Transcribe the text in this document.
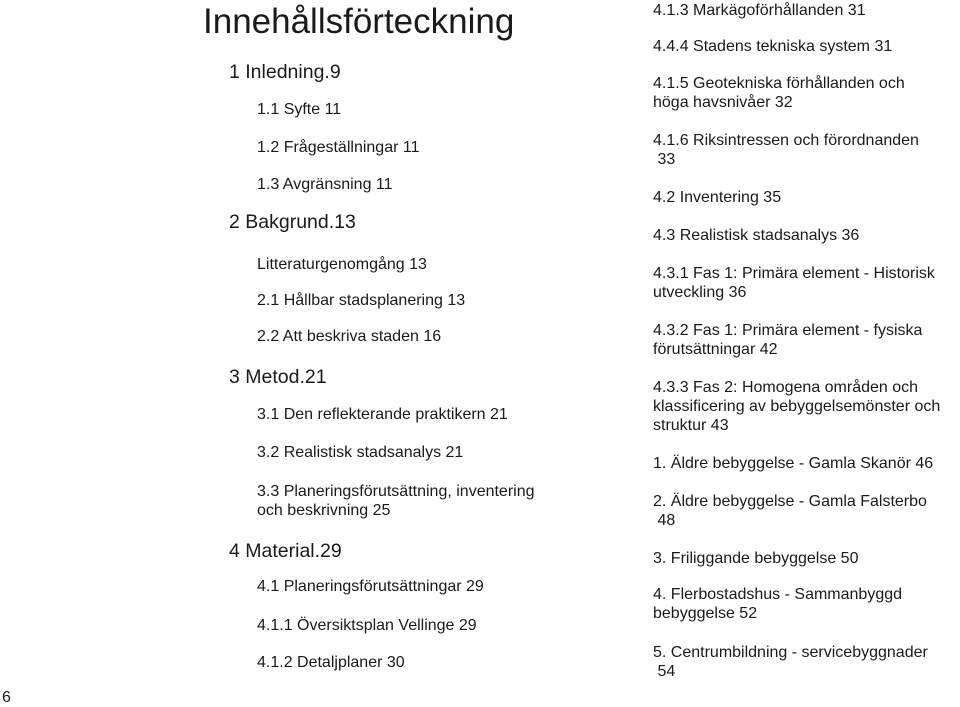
Innehållsförteckning
1 Inledning.9
1.1 Syfte 11
1.2 Frågeställningar 11
1.3 Avgränsning 11
2 Bakgrund.13
Litteraturgenomgång 13
2.1 Hållbar stadsplanering 13
2.2 Att beskriva staden 16
3 Metod.21
3.1 Den reflekterande praktikern 21
3.2 Realistisk stadsanalys 21
3.3 Planeringsförutsättning, inventering
och beskrivning 25
4 Material.29
4.1 Planeringsförutsättningar 29
4.1.1 Översiktsplan Vellinge 29
4.1.2 Detaljplaner 30
4.1.3 Markägoförhållanden 31
4.4.4 Stadens tekniska system 31
4.1.5 Geotekniska förhållanden och
höga havsnivåer 32
4.1.6 Riksintressen och förordnanden
33
4.2 Inventering 35
4.3 Realistisk stadsanalys 36
4.3.1 Fas 1: Primära element - Historisk
utveckling 36
4.3.2 Fas 1: Primära element - fysiska
förutsättningar 42
4.3.3 Fas 2: Homogena områden och
klassificering av bebyggelsemönster och
struktur 43
1. Äldre bebyggelse - Gamla Skanör 46
2. Äldre bebyggelse - Gamla Falsterbo
48
3. Friliggande bebyggelse 50
4. Flerbostadshus - Sammanbyggd
bebyggelse 52
5. Centrumbildning - servicebyggnader
54
6
